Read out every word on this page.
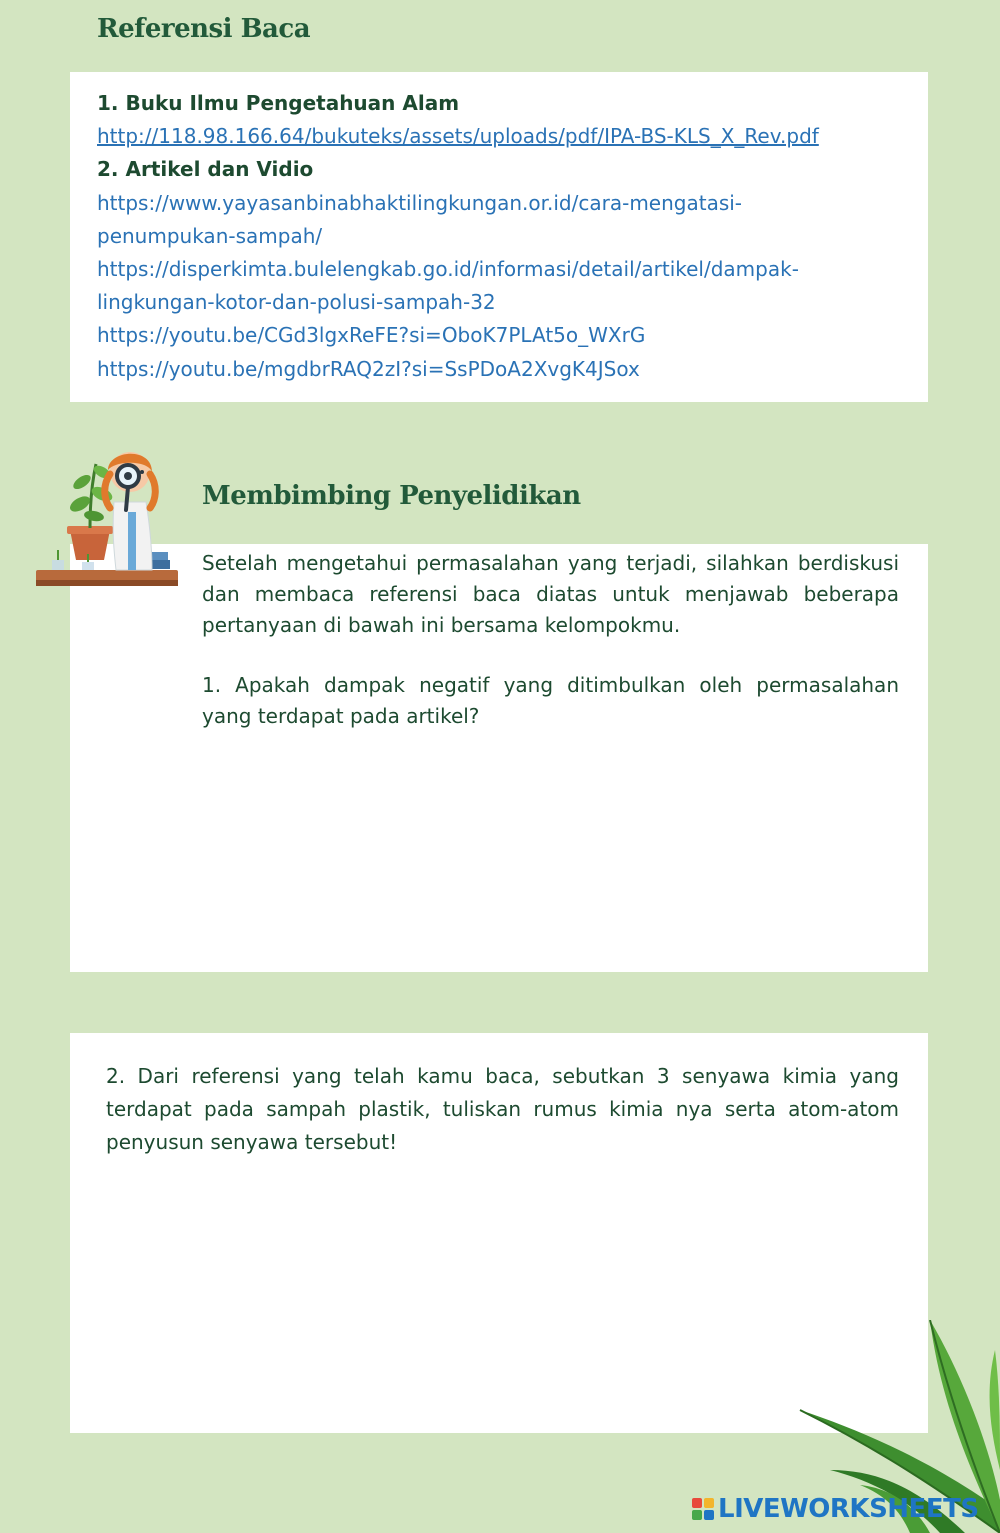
Referensi Baca
1. Buku Ilmu Pengetahuan Alam
http://118.98.166.64/bukuteks/assets/uploads/pdf/IPA-BS-KLS_X_Rev.pdf
2. Artikel dan Vidio
https://www.yayasanbinabhaktilingkungan.or.id/cara-mengatasi-
penumpukan-sampah/
https://disperkimta.bulelengkab.go.id/informasi/detail/artikel/dampak-
lingkungan-kotor-dan-polusi-sampah-32
https://youtu.be/CGd3lgxReFE?si=OboK7PLAt5o_WXrG
https://youtu.be/mgdbrRAQ2zI?si=SsPDoA2XvgK4JSox
Membimbing Penyelidikan

Setelah mengetahui permasalahan yang terjadi, silahkan berdiskusi dan membaca referensi baca diatas untuk menjawab beberapa pertanyaan di bawah ini bersama kelompokmu.

1. Apakah dampak negatif yang ditimbulkan oleh permasalahan yang terdapat pada artikel?

2. Dari referensi yang telah kamu baca, sebutkan 3 senyawa kimia yang terdapat pada sampah plastik, tuliskan rumus kimia nya serta atom-atom penyusun senyawa tersebut!

LIVEWORKSHEETS
